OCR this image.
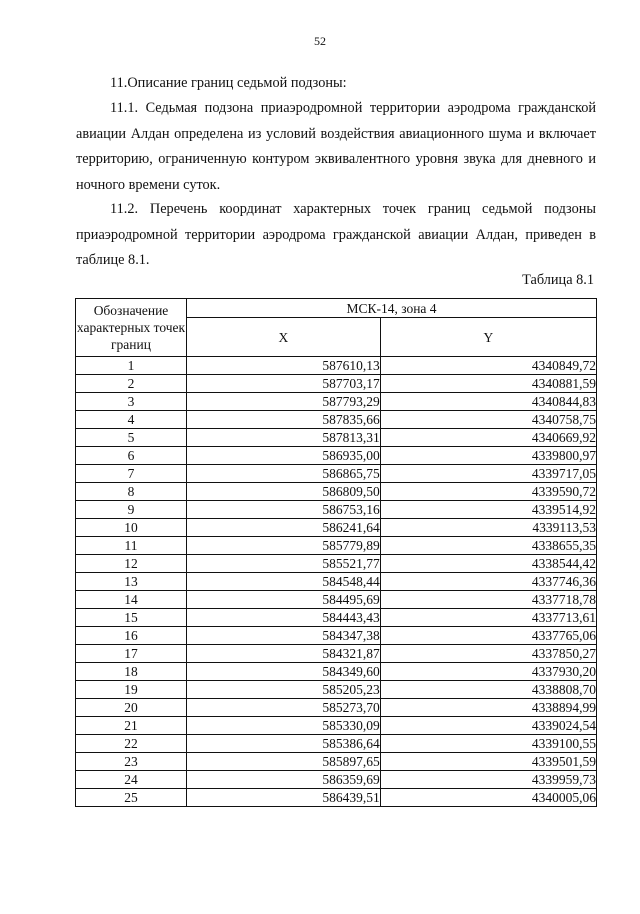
52
11.Описание границ седьмой подзоны:
11.1. Седьмая подзона приаэродромной территории аэродрома гражданской авиации Алдан определена из условий воздействия авиационного шума и включает территорию, ограниченную контуром эквивалентного уровня звука для дневного и ночного времени суток.
11.2. Перечень координат характерных точек границ седьмой подзоны приаэродромной территории аэродрома гражданской авиации Алдан, приведен в таблице 8.1.
Таблица 8.1
Обозначение характерных точек границ	МСК-14, зона 4	
	X	Y
1	587610,13	4340849,72
2	587703,17	4340881,59
3	587793,29	4340844,83
4	587835,66	4340758,75
5	587813,31	4340669,92
6	586935,00	4339800,97
7	586865,75	4339717,05
8	586809,50	4339590,72
9	586753,16	4339514,92
10	586241,64	4339113,53
11	585779,89	4338655,35
12	585521,77	4338544,42
13	584548,44	4337746,36
14	584495,69	4337718,78
15	584443,43	4337713,61
16	584347,38	4337765,06
17	584321,87	4337850,27
18	584349,60	4337930,20
19	585205,23	4338808,70
20	585273,70	4338894,99
21	585330,09	4339024,54
22	585386,64	4339100,55
23	585897,65	4339501,59
24	586359,69	4339959,73
25	586439,51	4340005,06
